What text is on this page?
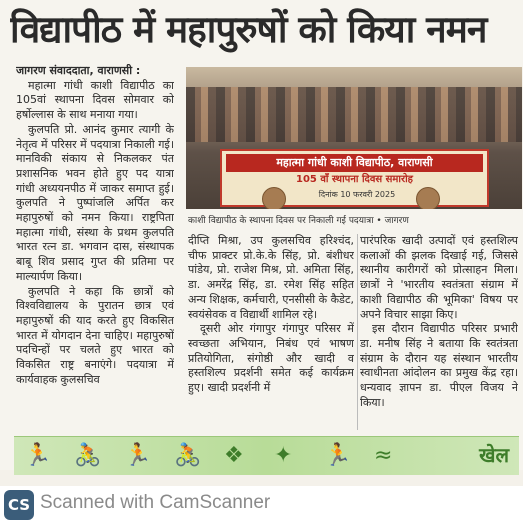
विद्यापीठ में महापुरुषों को किया नमन

जागरण संवाददाता, वाराणसी :

महात्मा गांधी काशी विद्यापीठ का 105वां स्थापना दिवस सोमवार को हर्षोल्लास के साथ मनाया गया।

कुलपति प्रो. आनंद कुमार त्यागी के नेतृत्व में परिसर में पदयात्रा निकाली गई। मानविकी संकाय से निकलकर पंत प्रशासनिक भवन होते हुए पद यात्रा गांधी अध्ययनपीठ में जाकर समाप्त हुई। कुलपति ने पुष्पांजलि अर्पित कर महापुरुषों को नमन किया। राष्ट्रपिता महात्मा गांधी, संस्था के प्रथम कुलपति भारत रत्न डा. भगवान दास, संस्थापक बाबू शिव प्रसाद गुप्त की प्रतिमा पर माल्यार्पण किया।

कुलपति ने कहा कि छात्रों को विश्वविद्यालय के पुरातन छात्र एवं महापुरुषों की याद करते हुए विकसित भारत में योगदान देना चाहिए। महापुरुषों पदचिन्हों पर चलते हुए भारत को विकसित राष्ट्र बनाएंगे। पदयात्रा में कार्यवाहक कुलसचिव

महात्मा गांधी काशी विद्यापीठ, वाराणसी
105 वाँ स्थापना दिवस समारोह
दिनांक 10 फरवरी 2025
काशी विद्यापीठ के स्थापना दिवस पर निकाली गई पदयात्रा • जागरण

दीप्ति मिश्रा, उप कुलसचिव हरिश्चंद, चीफ प्राक्टर प्रो.के.के सिंह, प्रो. बंशीधर पांडेय, प्रो. राजेश मिश्र, प्रो. अमिता सिंह, डा. अमरेंद्र सिंह, डा. रमेश सिंह सहित अन्य शिक्षक, कर्मचारी, एनसीसी के कैडेट, स्वयंसेवक व विद्यार्थी शामिल रहे।

दूसरी ओर गंगापुर गंगापुर परिसर में स्वच्छता अभियान, निबंध एवं भाषण प्रतियोगिता, संगोष्ठी और खादी व हस्तशिल्प प्रदर्शनी समेत कई कार्यक्रम हुए। खादी प्रदर्शनी में

पारंपरिक खादी उत्पादों एवं हस्तशिल्प कलाओं की झलक दिखाई गई, जिससे स्थानीय कारीगरों को प्रोत्साहन मिला। छात्रों ने 'भारतीय स्वतंत्रता संग्राम में काशी विद्यापीठ की भूमिका' विषय पर अपने विचार साझा किए।

इस दौरान विद्यापीठ परिसर प्रभारी डा. मनीष सिंह ने बताया कि स्वतंत्रता संग्राम के दौरान यह संस्थान भारतीय स्वाधीनता आंदोलन का प्रमुख केंद्र रहा। धन्यवाद ज्ञापन डा. पीएल विजय ने किया।

🏃 🚴 🏃 🚴 ❖ ✦ 🏃 ≈	खेल
CS Scanned with CamScanner
